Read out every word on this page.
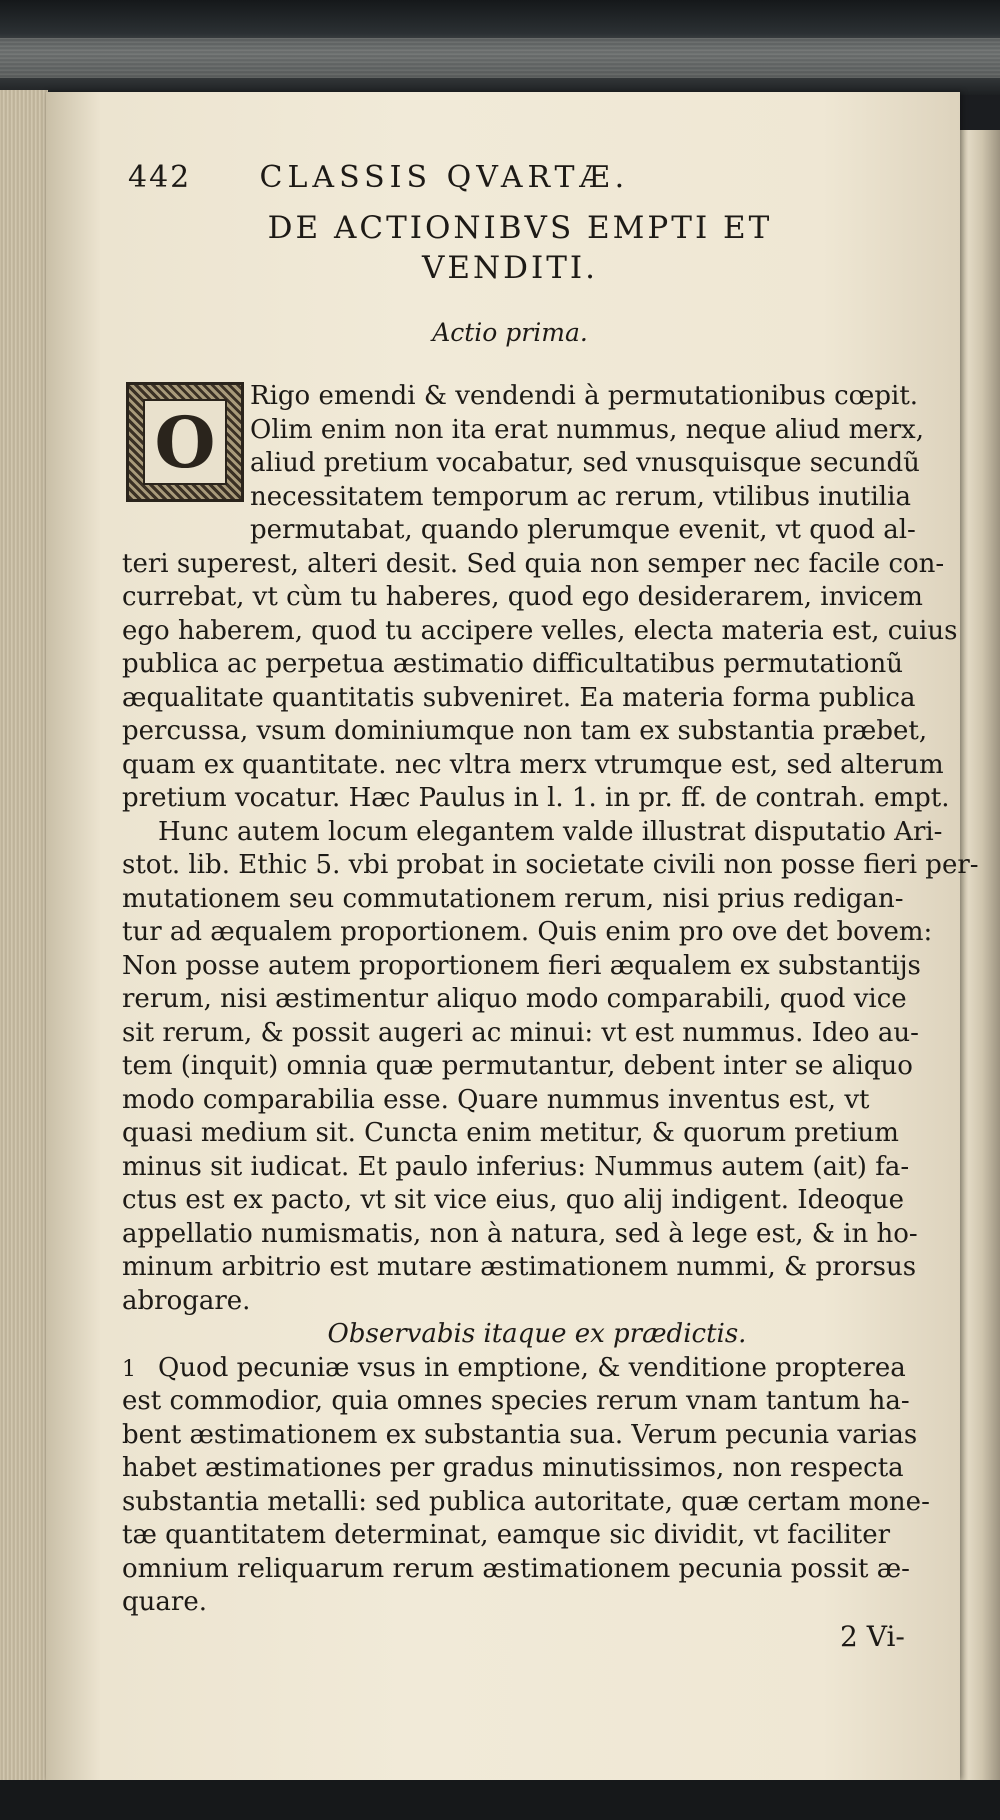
442 CLASSIS QVARTÆ.
DE ACTIONIBVS EMPTI ET
VENDITI.
Actio prima.
O
Rigo emendi & vendendi à permutationibus cœpit.
Olim enim non ita erat nummus, neque aliud merx,
aliud pretium vocabatur, sed vnusquisque secundũ
necessitatem temporum ac rerum, vtilibus inutilia
permutabat, quando plerumque evenit, vt quod al-
teri superest, alteri desit. Sed quia non semper nec facile con-
currebat, vt cùm tu haberes, quod ego desiderarem, invicem
ego haberem, quod tu accipere velles, electa materia est, cuius
publica ac perpetua æstimatio difficultatibus permutationũ
æqualitate quantitatis subveniret. Ea materia forma publica
percussa, vsum dominiumque non tam ex substantia præbet,
quam ex quantitate. nec vltra merx vtrumque est, sed alterum
pretium vocatur. Hæc Paulus in l. 1. in pr. ff. de contrah. empt.
Hunc autem locum elegantem valde illustrat disputatio Ari-
stot. lib. Ethic 5. vbi probat in societate civili non posse fieri per-
mutationem seu commutationem rerum, nisi prius redigan-
tur ad æqualem proportionem. Quis enim pro ove det bovem:
Non posse autem proportionem fieri æqualem ex substantijs
rerum, nisi æstimentur aliquo modo comparabili, quod vice
sit rerum, & possit augeri ac minui: vt est nummus. Ideo au-
tem (inquit) omnia quæ permutantur, debent inter se aliquo
modo comparabilia esse. Quare nummus inventus est, vt
quasi medium sit. Cuncta enim metitur, & quorum pretium
minus sit iudicat. Et paulo inferius: Nummus autem (ait) fa-
ctus est ex pacto, vt sit vice eius, quo alij indigent. Ideoque
appellatio numismatis, non à natura, sed à lege est, & in ho-
minum arbitrio est mutare æstimationem nummi, & prorsus
abrogare.
Observabis itaque ex prædictis.
1 Quod pecuniæ vsus in emptione, & venditione propterea
est commodior, quia omnes species rerum vnam tantum ha-
bent æstimationem ex substantia sua. Verum pecunia varias
habet æstimationes per gradus minutissimos, non respecta
substantia metalli: sed publica autoritate, quæ certam mone-
tæ quantitatem determinat, eamque sic dividit, vt faciliter
omnium reliquarum rerum æstimationem pecunia possit æ-
quare.
2 Vi-
